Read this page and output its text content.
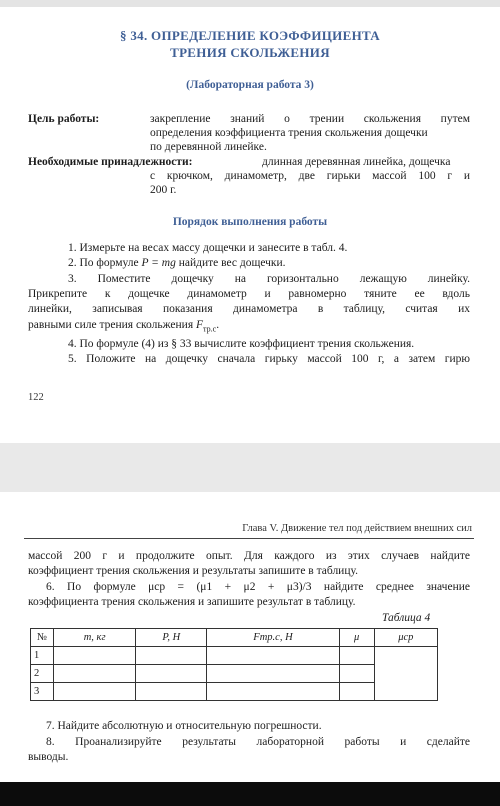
§ 34. ОПРЕДЕЛЕНИЕ КОЭФФИЦИЕНТА
ТРЕНИЯ СКОЛЬЖЕНИЯ
(Лабораторная работа 3)
Цель работы:	закрепление знаний о трении скольжения путем
определения коэффициента трения скольжения дощечки
по деревянной линейке.
Необходимые принадлежности:	длинная деревянная линейка, дощечка
с крючком, динамометр, две гирьки массой 100 г и
200 г.
Порядок выполнения работы
1. Измерьте на весах массу дощечки и занесите в табл. 4.
2. По формуле P = mg найдите вес дощечки.
3. Поместите дощечку на горизонтально лежащую линейку.
Прикрепите к дощечке динамометр и равномерно тяните ее вдоль
линейки, записывая показания динамометра в таблицу, считая их
равными силе трения скольжения $F_{тр.с}$.
4. По формуле (4) из § 33 вычислите коэффициент трения скольжения.
5. Положите на дощечку сначала гирьку массой 100 г, а затем гирю
122
Глава V. Движение тел под действием внешних сил
массой 200 г и продолжите опыт. Для каждого из этих случаев найдите
коэффициент трения скольжения и результаты запишите в таблицу.
6. По формуле μср = (μ1 + μ2 + μ3)/3 найдите среднее значение
коэффициента трения скольжения и запишите результат в таблицу.
Таблица 4
№	m, кг	P, Н	Fтр.с, Н	μ	μср
1					
2					
3					
7. Найдите абсолютную и относительную погрешности.
8. Проанализируйте результаты лабораторной работы и сделайте
выводы.
